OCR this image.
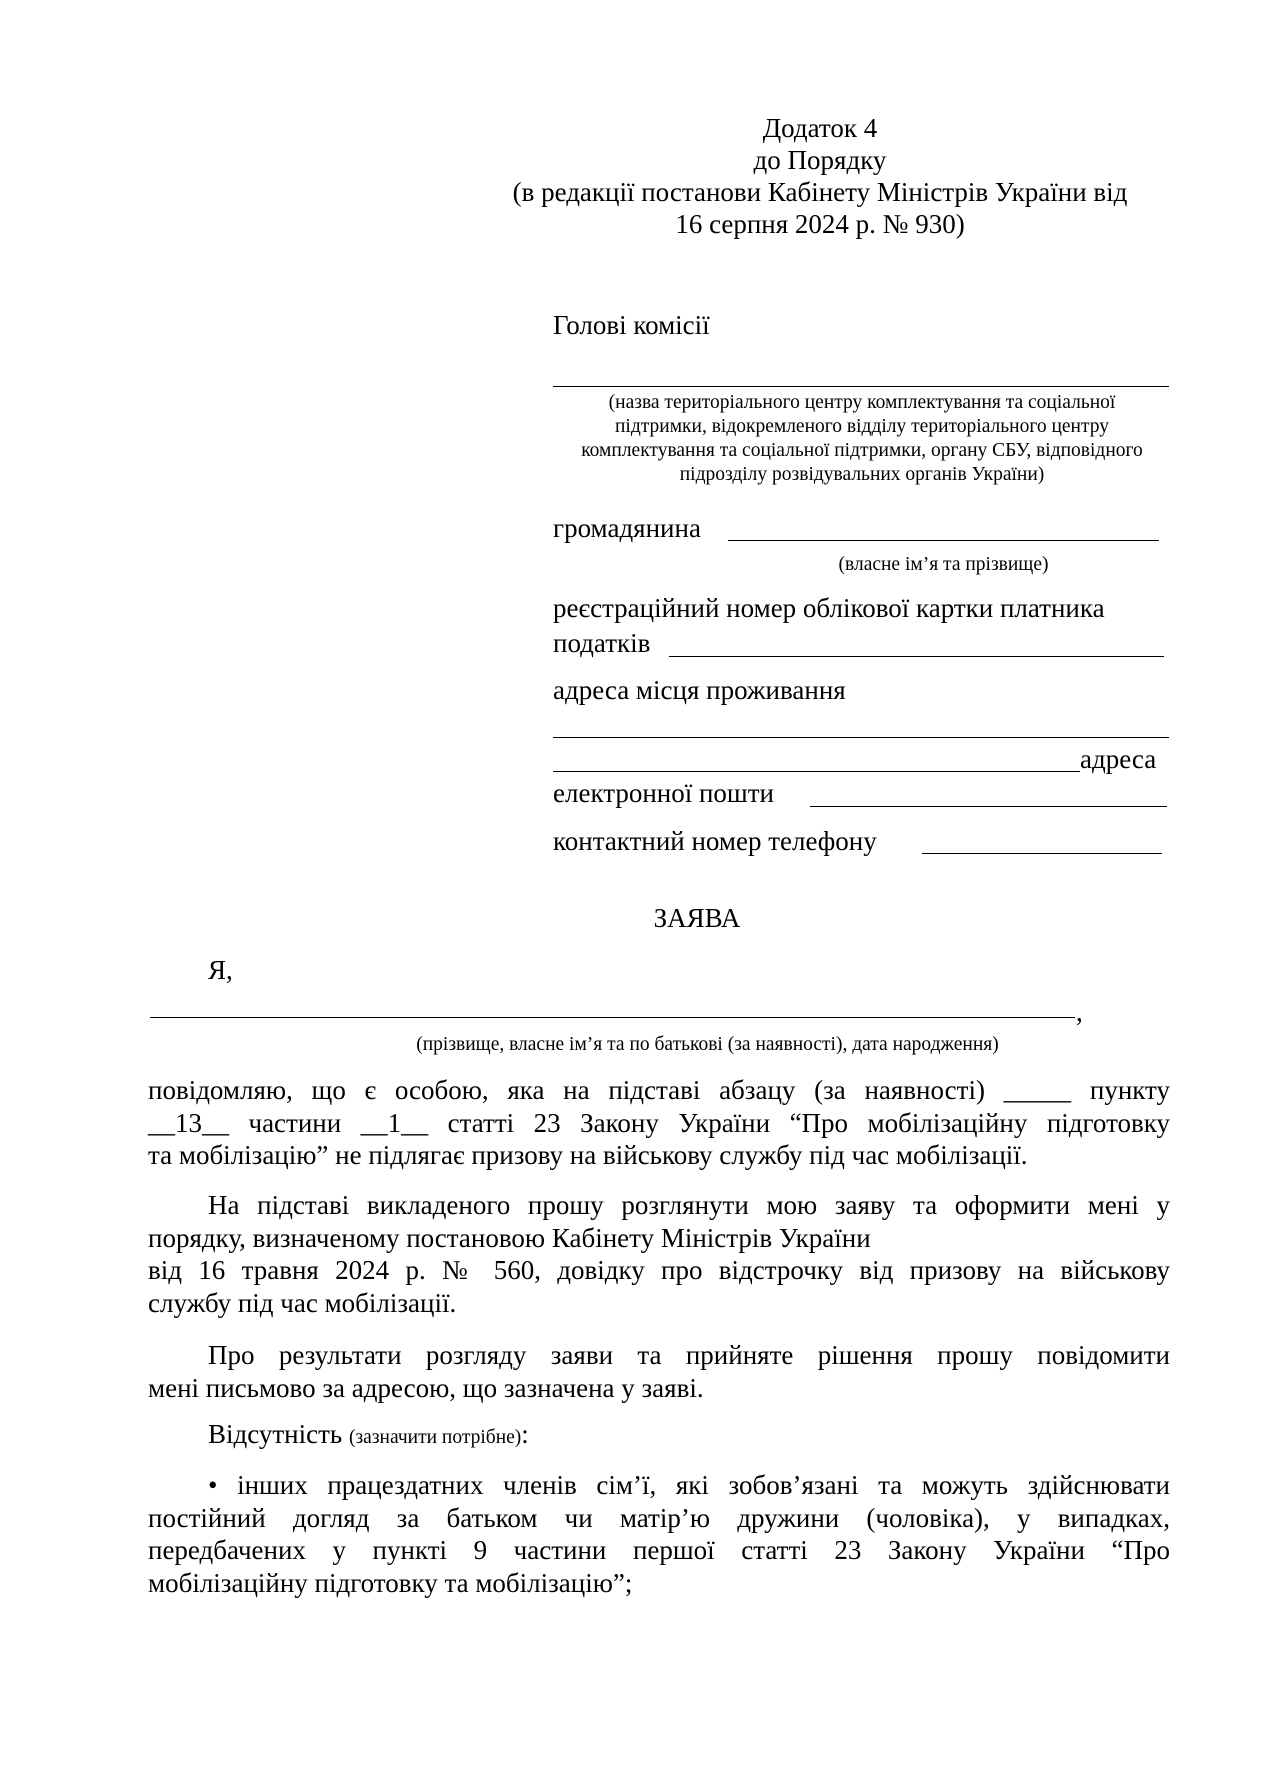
Додаток 4
до Порядку
(в редакції постанови Кабінету Міністрів України від
16 серпня 2024 р. № 930)
Голові комісії
(назва територіального центру комплектування та соціальної
підтримки, відокремленого відділу територіального центру
комплектування та соціальної підтримки, органу СБУ, відповідного
підрозділу розвідувальних органів України)
громадянина
(власне ім’я та прізвище)
реєстраційний номер облікової картки платника
податків
адреса місця проживання
адреса
електронної пошти
контактний номер телефону
ЗАЯВА
Я,
,
(прізвище, власне ім’я та по батькові (за наявності), дата народження)
повідомляю, що є особою, яка на підставі абзацу (за наявності) _____ пункту
__13__ частини __1__ статті 23 Закону України “Про мобілізаційну підготовку
та мобілізацію” не підлягає призову на військову службу під час мобілізації.
На підставі викладеного прошу розглянути мою заяву та оформити мені у
порядку, визначеному постановою Кабінету Міністрів України
від 16 травня 2024 р. № 560, довідку про відстрочку від призову на військову
службу під час мобілізації.
Про результати розгляду заяви та прийняте рішення прошу повідомити
мені письмово за адресою, що зазначена у заяві.
Відсутність (зазначити потрібне):
• інших працездатних членів сім’ї, які зобов’язані та можуть здійснювати
постійний догляд за батьком чи матір’ю дружини (чоловіка), у випадках,
передбачених у пункті 9 частини першої статті 23 Закону України “Про
мобілізаційну підготовку та мобілізацію”;
